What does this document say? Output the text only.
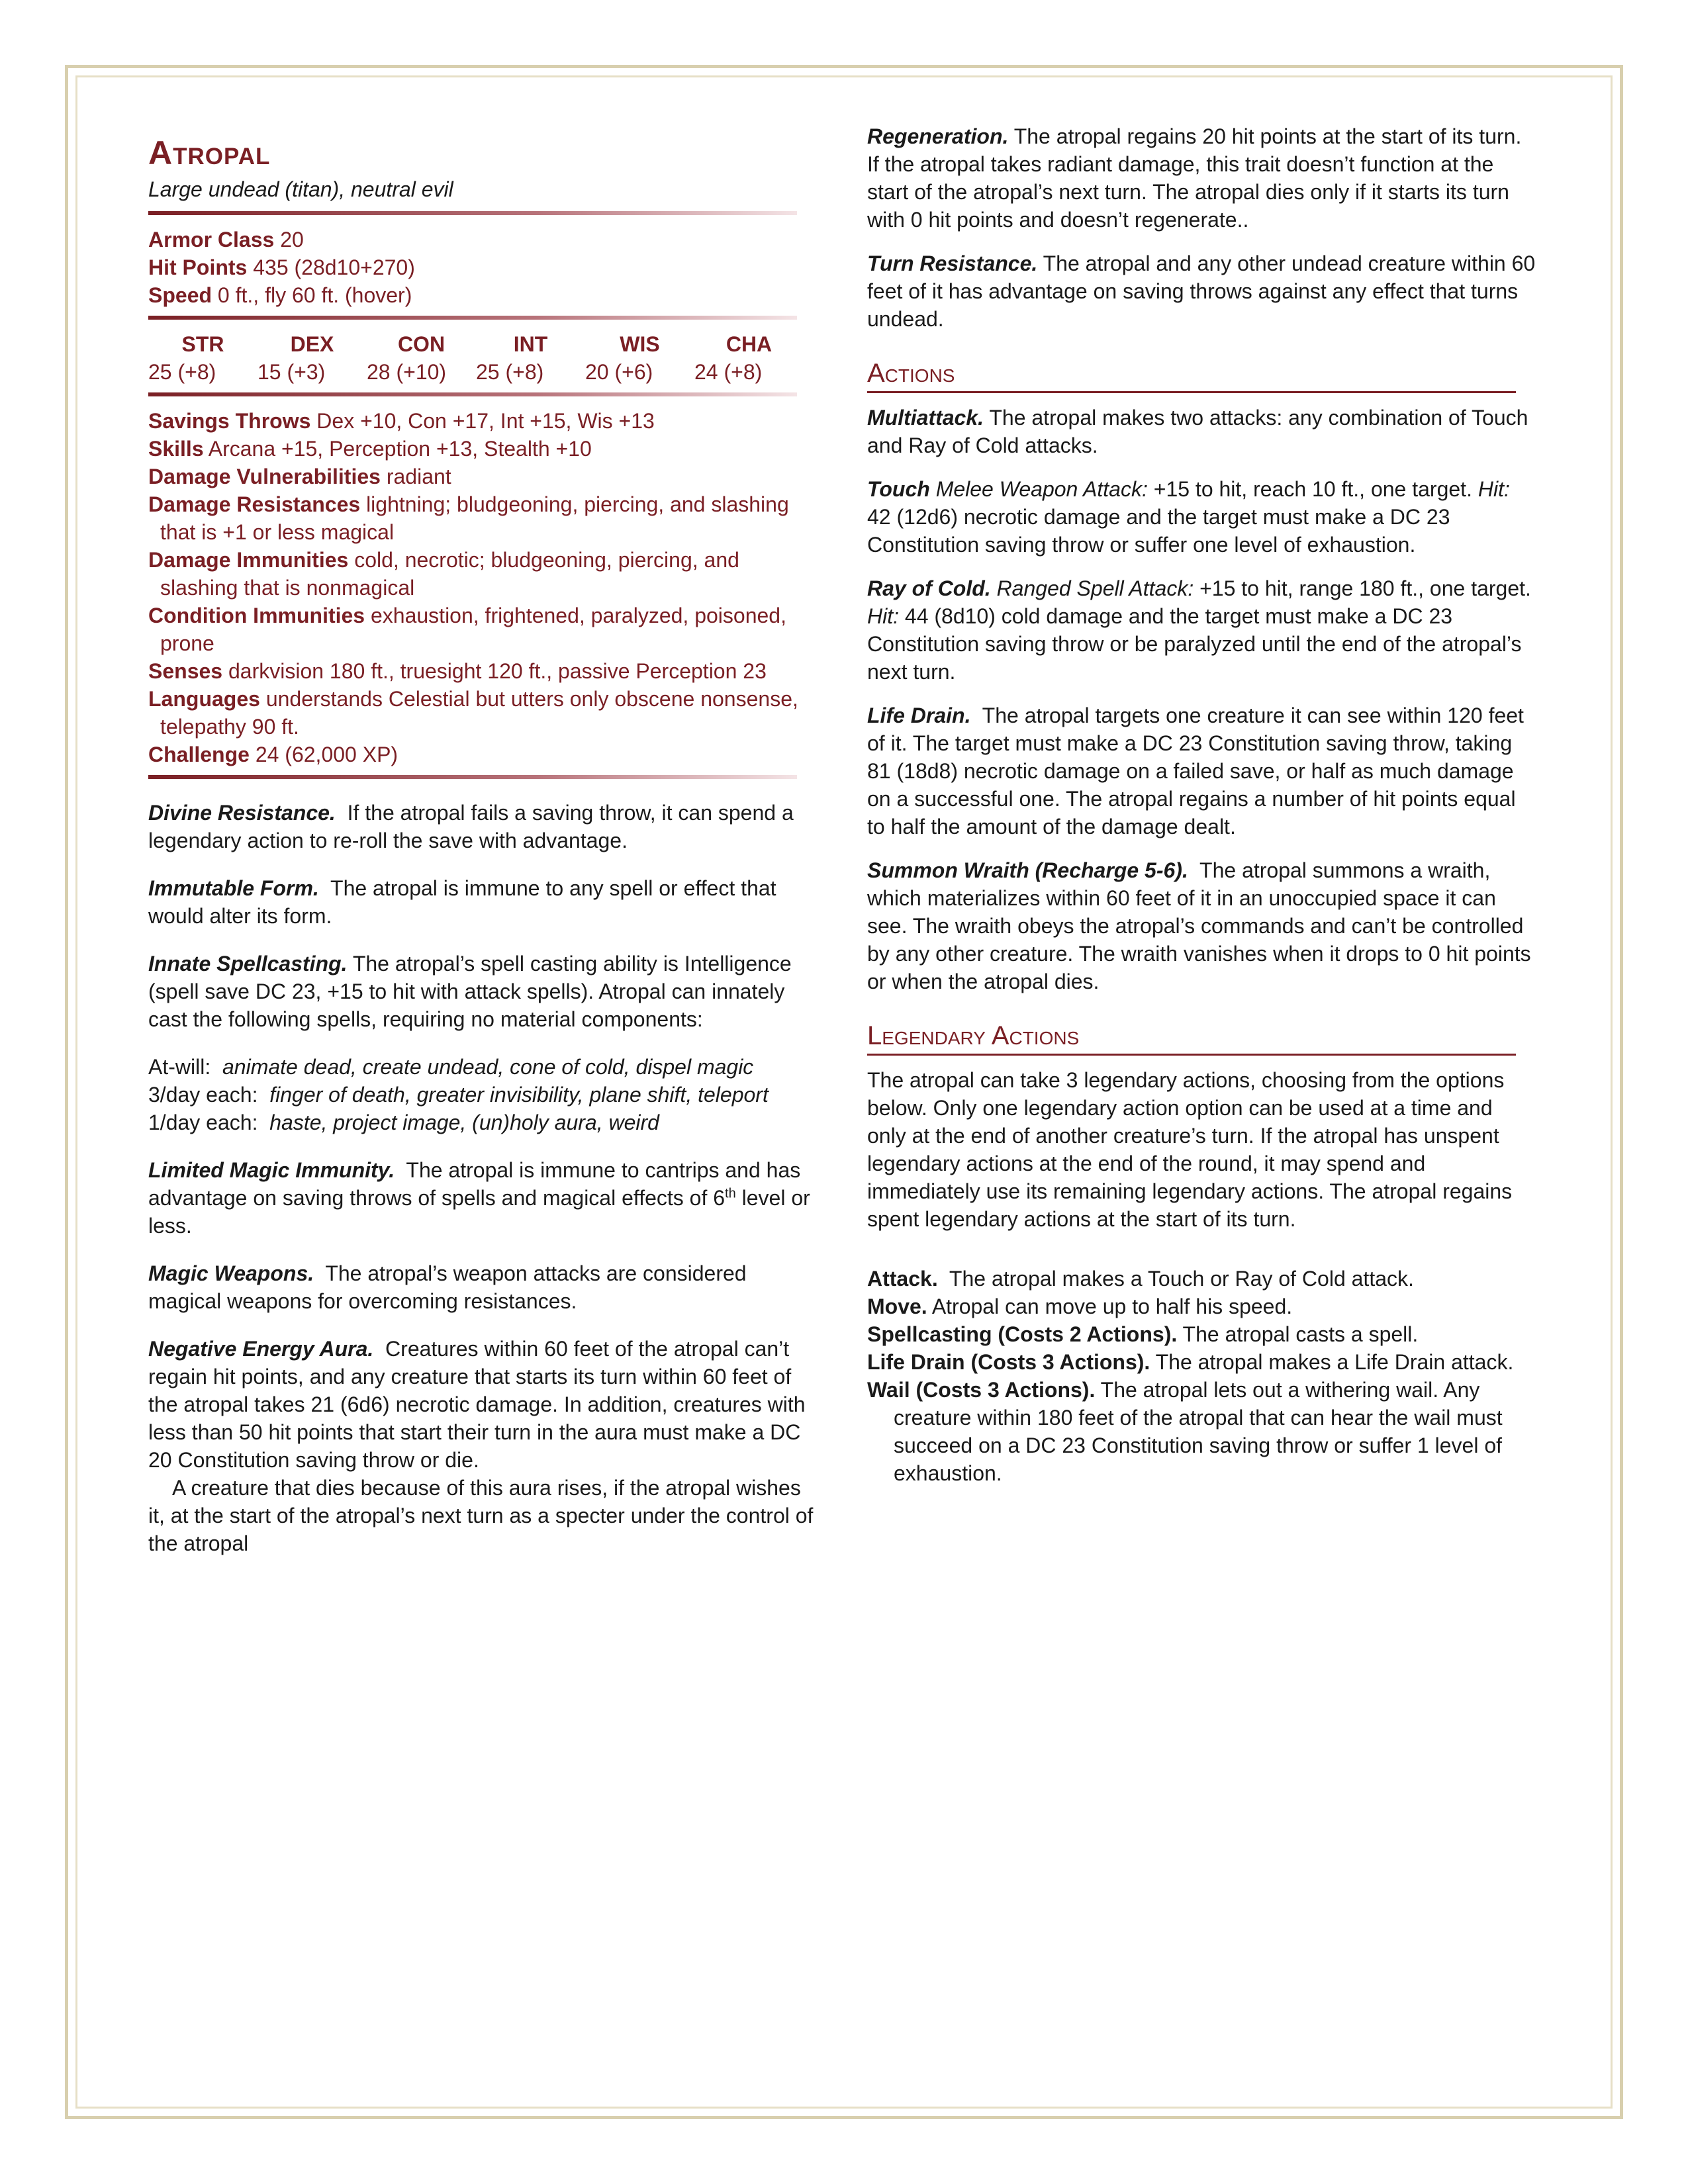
Atropal
Large undead (titan), neutral evil

Armor Class 20

Hit Points 435 (28d10+270)

Speed 0 ft., fly 60 ft. (hover)

STR	DEX	CON	INT	WIS	CHA
25 (+8)	15 (+3)	28 (+10)	25 (+8)	20 (+6)	24 (+8)

Savings Throws Dex +10, Con +17, Int +15, Wis +13

Skills Arcana +15, Perception +13, Stealth +10

Damage Vulnerabilities radiant

Damage Resistances lightning; bludgeoning, piercing, and slashing that is +1 or less magical

Damage Immunities cold, necrotic; bludgeoning, piercing, and slashing that is nonmagical

Condition Immunities exhaustion, frightened, paralyzed, poisoned, prone

Senses darkvision 180 ft., truesight 120 ft., passive Perception 23

Languages understands Celestial but utters only obscene nonsense, telepathy 90 ft.

Challenge 24 (62,000 XP)

Divine Resistance. If the atropal fails a saving throw, it can spend a legendary action to re-roll the save with advantage.

Immutable Form. The atropal is immune to any spell or effect that would alter its form.

Innate Spellcasting. The atropal’s spell casting ability is Intelligence (spell save DC 23, +15 to hit with attack spells). Atropal can innately cast the following spells, requiring no material components:

At-will: animate dead, create undead, cone of cold, dispel magic

3/day each: finger of death, greater invisibility, plane shift, teleport

1/day each: haste, project image, (un)holy aura, weird

Limited Magic Immunity. The atropal is immune to cantrips and has advantage on saving throws of spells and magical effects of 6th level or less.

Magic Weapons. The atropal’s weapon attacks are considered magical weapons for overcoming resistances.

Negative Energy Aura. Creatures within 60 feet of the atropal can’t regain hit points, and any creature that starts its turn within 60 feet of the atropal takes 21 (6d6) necrotic damage. In addition, creatures with less than 50 hit points that start their turn in the aura must make a DC 20 Constitution saving throw or die.

A creature that dies because of this aura rises, if the atropal wishes it, at the start of the atropal’s next turn as a specter under the control of the atropal

Regeneration. The atropal regains 20 hit points at the start of its turn. If the atropal takes radiant damage, this trait doesn’t function at the start of the atropal’s next turn. The atropal dies only if it starts its turn with 0 hit points and doesn’t regenerate..

Turn Resistance. The atropal and any other undead creature within 60 feet of it has advantage on saving throws against any effect that turns undead.

Actions

Multiattack. The atropal makes two attacks: any combination of Touch and Ray of Cold attacks.

Touch Melee Weapon Attack: +15 to hit, reach 10 ft., one target. Hit: 42 (12d6) necrotic damage and the target must make a DC 23 Constitution saving throw or suffer one level of exhaustion.

Ray of Cold. Ranged Spell Attack: +15 to hit, range 180 ft., one target.  Hit: 44 (8d10) cold damage and the target must make a DC 23 Constitution saving throw or be paralyzed until the end of the atropal’s next turn.

Life Drain. The atropal targets one creature it can see within 120 feet of it. The target must make a DC 23 Constitution saving throw, taking 81 (18d8) necrotic damage on a failed save, or half as much damage on a successful one. The atropal regains a number of hit points equal to half the amount of the damage dealt.

Summon Wraith (Recharge 5-6). The atropal summons a wraith, which materializes within 60 feet of it in an unoccupied space it can see. The wraith obeys the atropal’s commands and can’t be controlled by any other creature. The wraith vanishes when it drops to 0 hit points or when the atropal dies.

Legendary Actions

The atropal can take 3 legendary actions, choosing from the options below. Only one legendary action option can be used at a time and only at the end of another creature’s turn. If the atropal has unspent legendary actions at the end of the round, it may spend and immediately use its remaining legendary actions. The atropal regains spent legendary actions at the start of its turn.

Attack. The atropal makes a Touch or Ray of Cold attack.

Move. Atropal can move up to half his speed.

Spellcasting (Costs 2 Actions). The atropal casts a spell.

Life Drain (Costs 3 Actions). The atropal makes a Life Drain attack.

Wail (Costs 3 Actions). The atropal lets out a withering wail. Any creature within 180 feet of the atropal that can hear the wail must succeed on a DC 23 Constitution saving throw or suffer 1 level of exhaustion.
